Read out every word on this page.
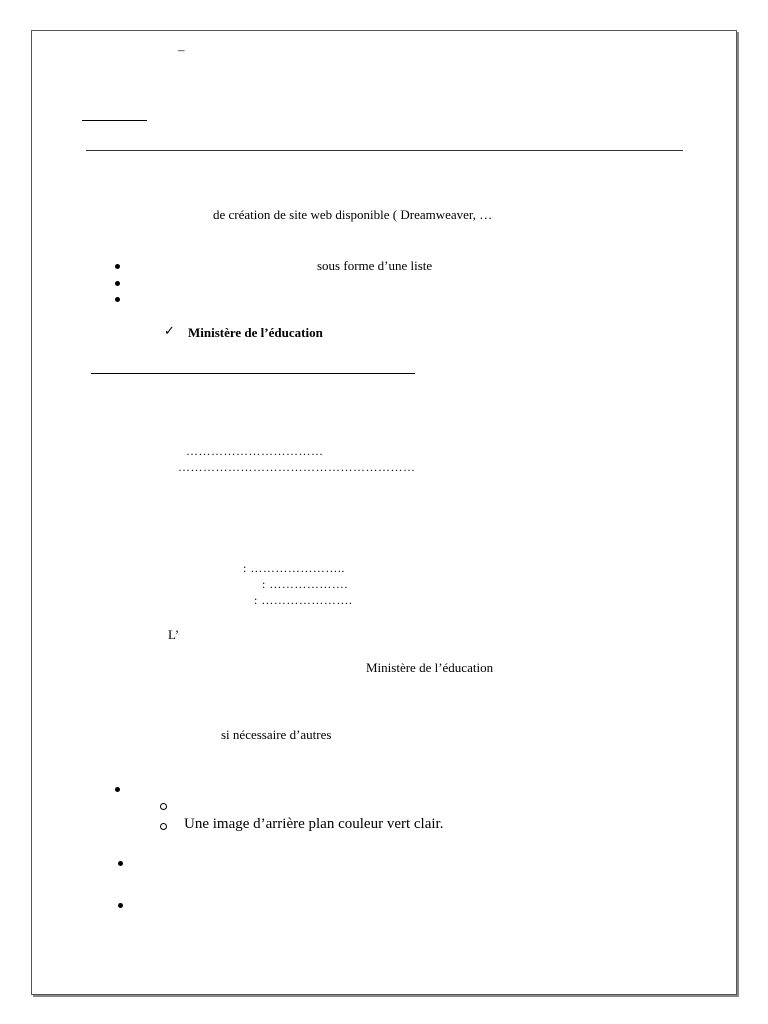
–
de création de site web disponible ( Dreamweaver, …
sous forme d’une liste
✓ Ministère de l’éducation
……………………………
…………………………………………………
: …………………..
: ……………….
: ………………….
L’
Ministère de l’éducation
si nécessaire d’autres
Une image d’arrière plan couleur vert clair.
